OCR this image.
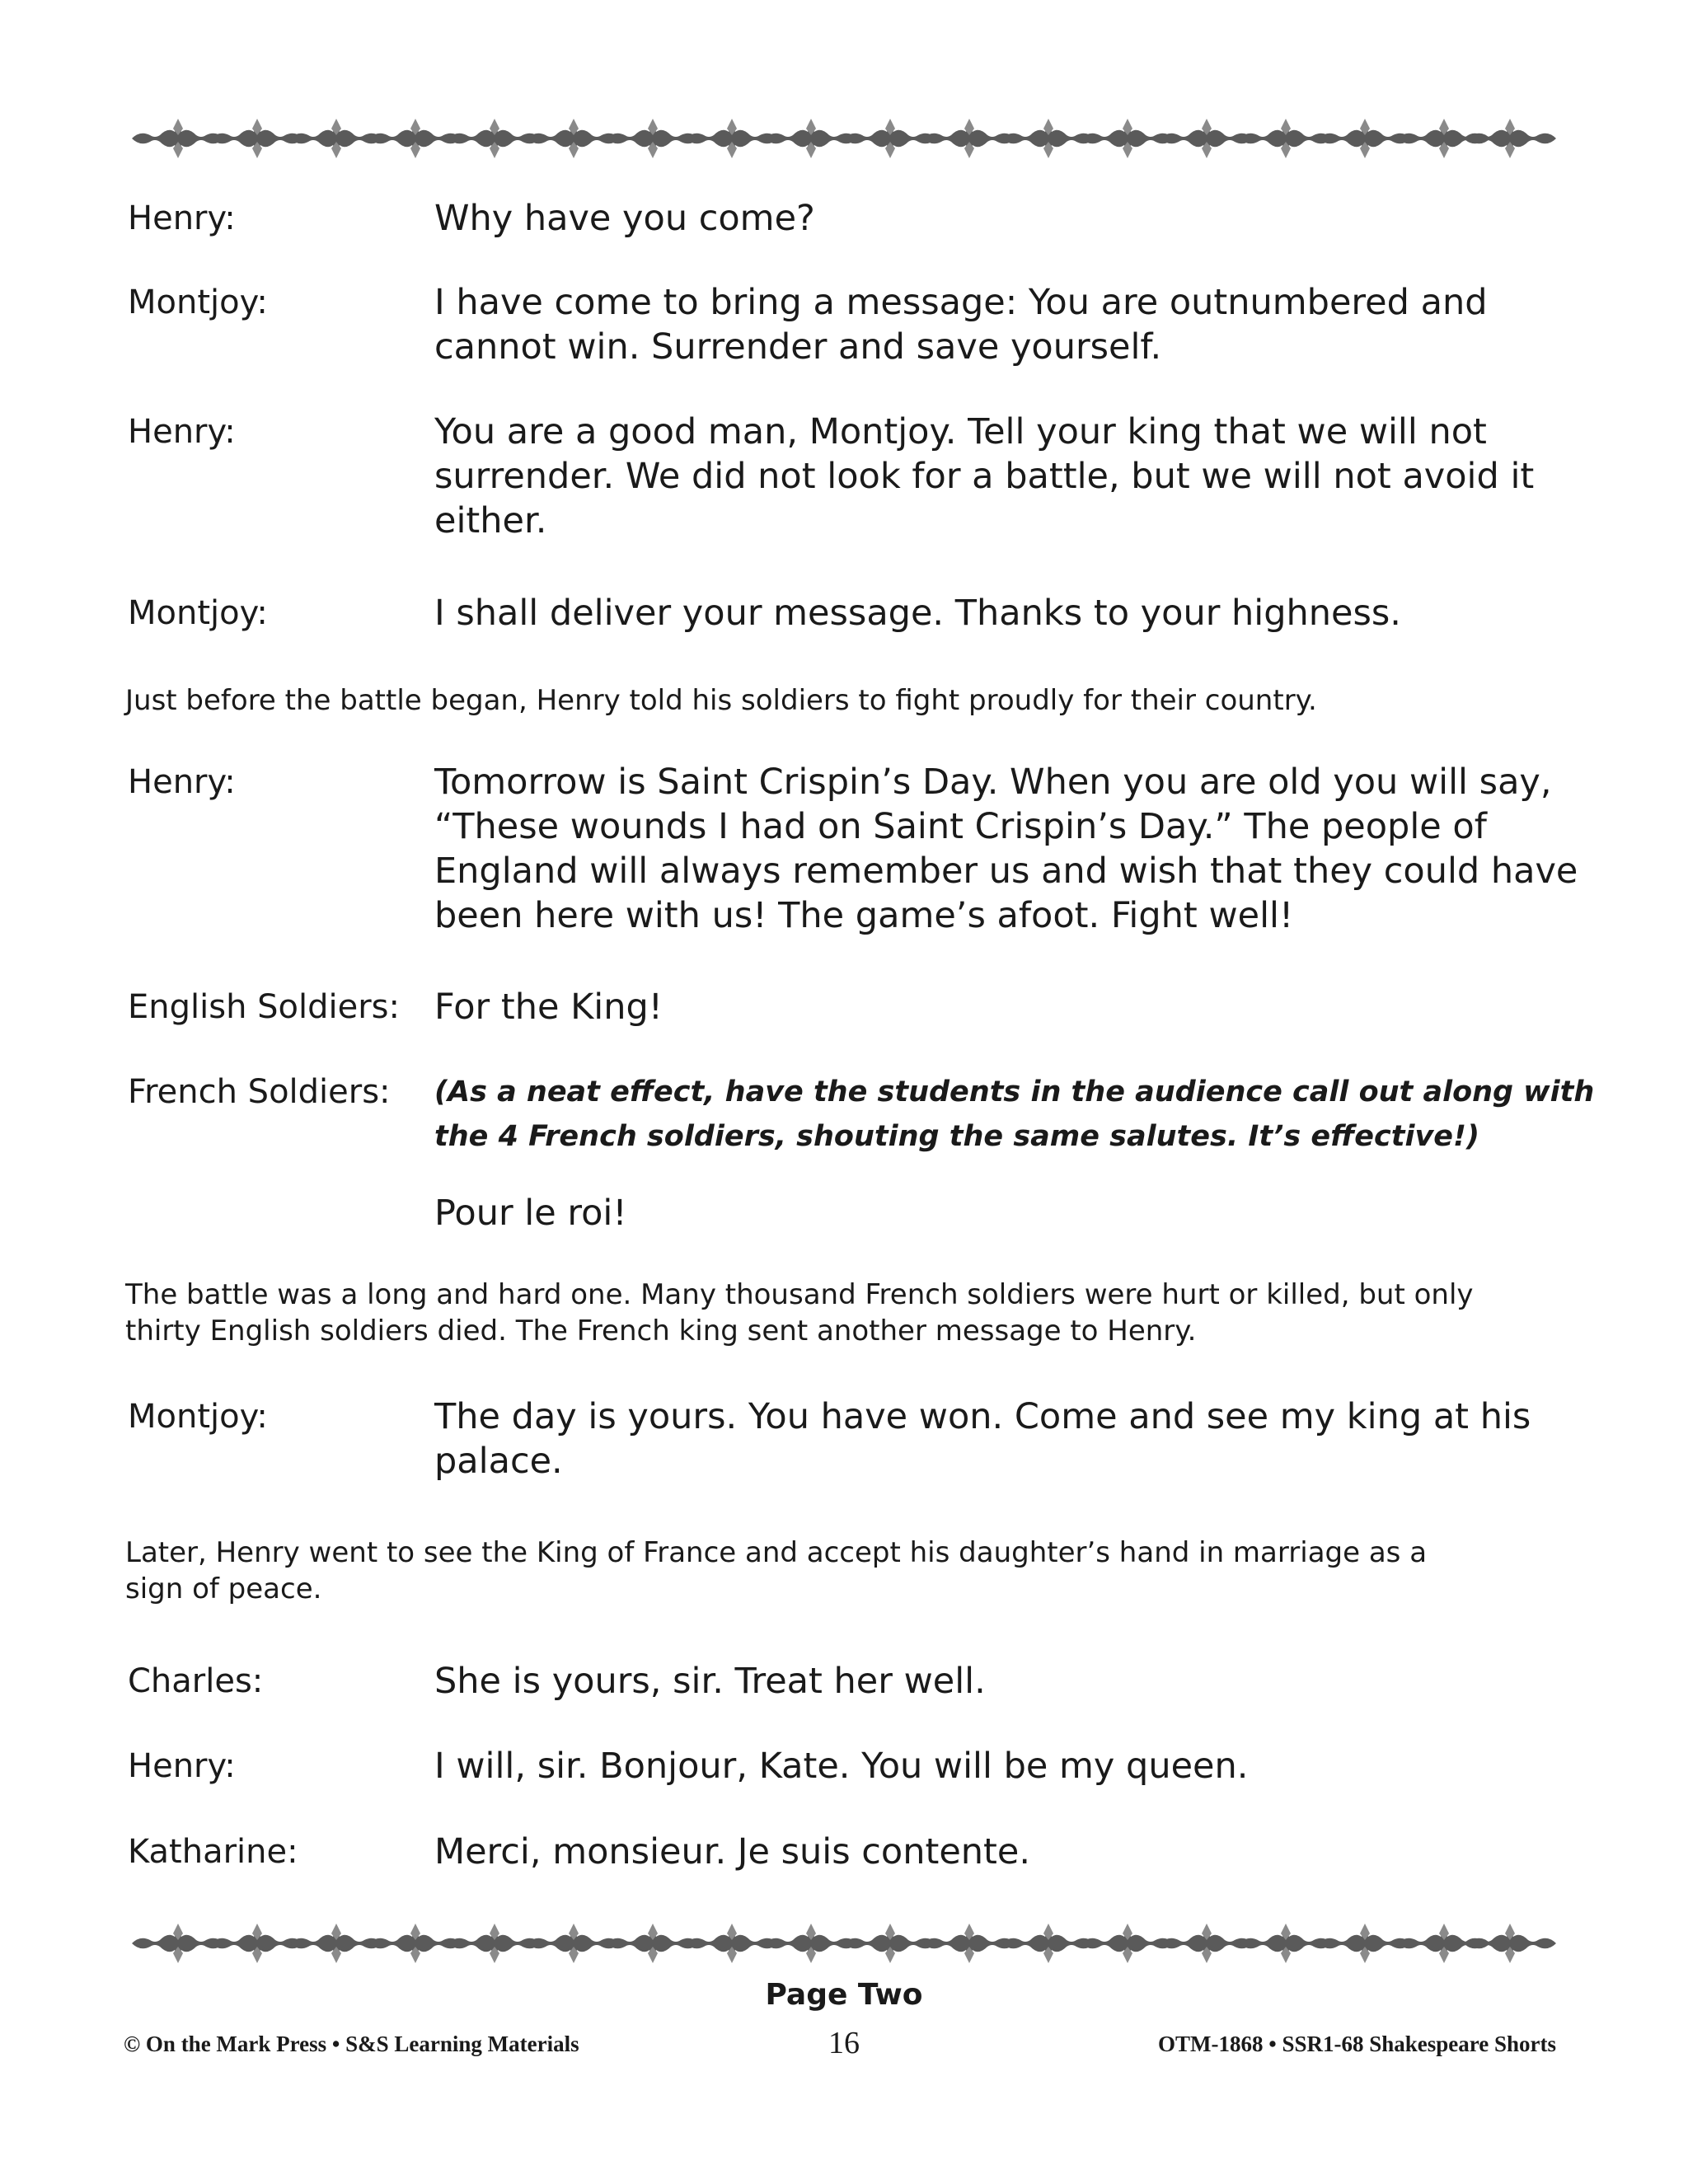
Henry:	Why have you come?
Montjoy:	I have come to bring a message: You are outnumbered and
cannot win. Surrender and save yourself.
Henry:	You are a good man, Montjoy. Tell your king that we will not
surrender. We did not look for a battle, but we will not avoid it
either.
Montjoy:	I shall deliver your message. Thanks to your highness.
Just before the battle began, Henry told his soldiers to fight proudly for their country.
Henry:	Tomorrow is Saint Crispin’s Day. When you are old you will say,
“These wounds I had on Saint Crispin’s Day.” The people of
England will always remember us and wish that they could have
been here with us! The game’s afoot. Fight well!
English Soldiers: For the King!
French Soldiers: (As a neat effect, have the students in the audience call out along with
the 4 French soldiers, shouting the same salutes. It’s effective!)
Pour le roi!
The battle was a long and hard one. Many thousand French soldiers were hurt or killed, but only
thirty English soldiers died. The French king sent another message to Henry.
Montjoy:	The day is yours. You have won. Come and see my king at his
palace.
Later, Henry went to see the King of France and accept his daughter’s hand in marriage as a
sign of peace.
Charles:	She is yours, sir. Treat her well.
Henry:	I will, sir. Bonjour, Kate. You will be my queen.
Katharine:	Merci, monsieur. Je suis contente.
Page Two
© On the Mark Press • S&S Learning Materials	16	OTM-1868 • SSR1-68 Shakespeare Shorts
